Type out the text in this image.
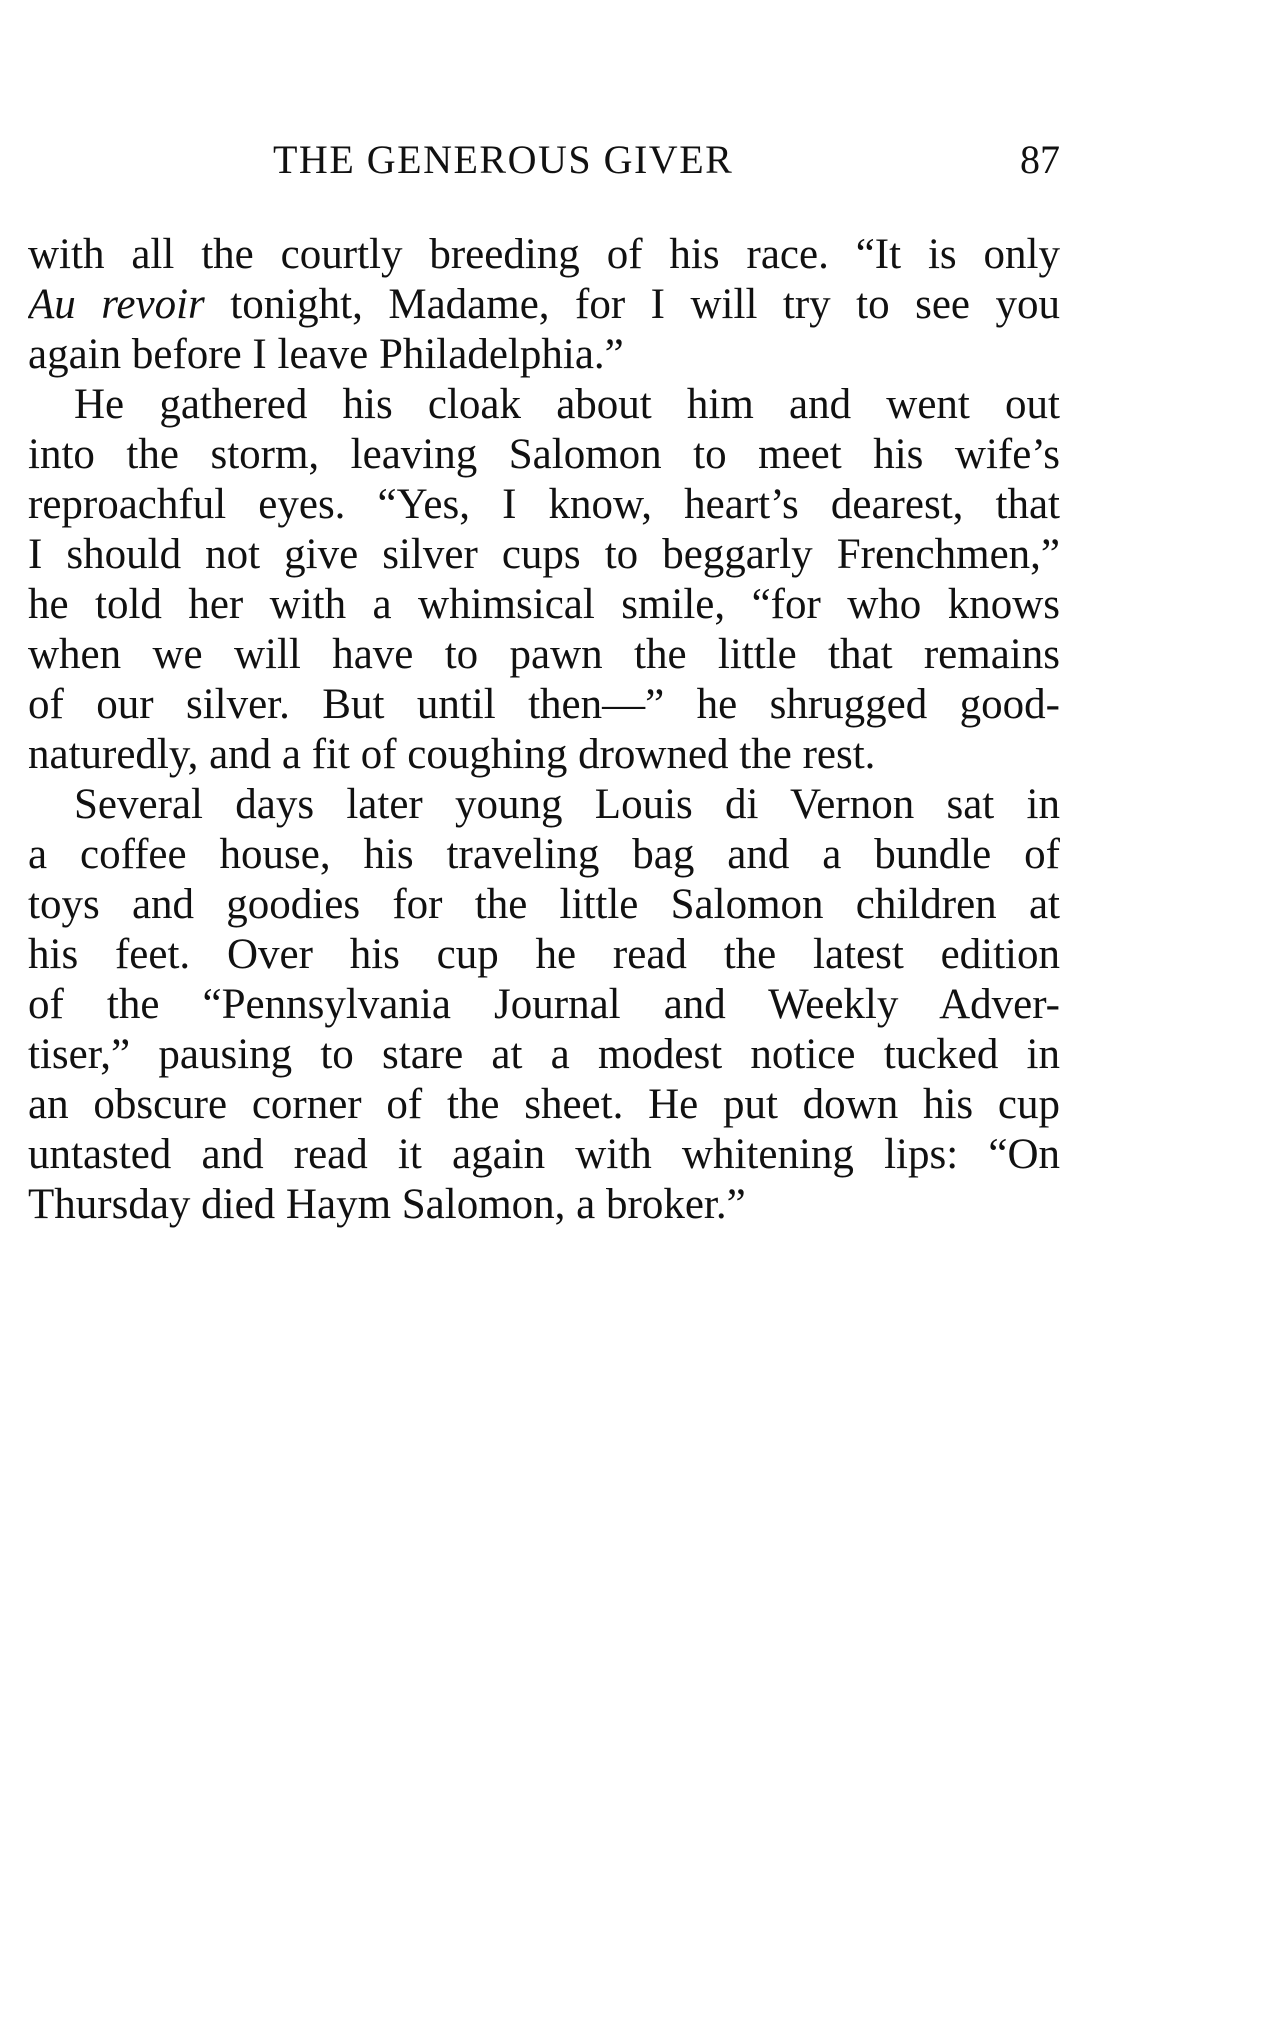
THE GENEROUS GIVER	87
with all the courtly breeding of his race. “It is only
Au revoir tonight, Madame, for I will try to see you
again before I leave Philadelphia.”
He gathered his cloak about him and went out
into the storm, leaving Salomon to meet his wife’s
reproachful eyes. “Yes, I know, heart’s dearest, that
I should not give silver cups to beggarly Frenchmen,”
he told her with a whimsical smile, “for who knows
when we will have to pawn the little that remains
of our silver. But until then—” he shrugged good-
naturedly, and a fit of coughing drowned the rest.
Several days later young Louis di Vernon sat in
a coffee house, his traveling bag and a bundle of
toys and goodies for the little Salomon children at
his feet. Over his cup he read the latest edition
of the “Pennsylvania Journal and Weekly Adver-
tiser,” pausing to stare at a modest notice tucked in
an obscure corner of the sheet. He put down his cup
untasted and read it again with whitening lips: “On
Thursday died Haym Salomon, a broker.”
